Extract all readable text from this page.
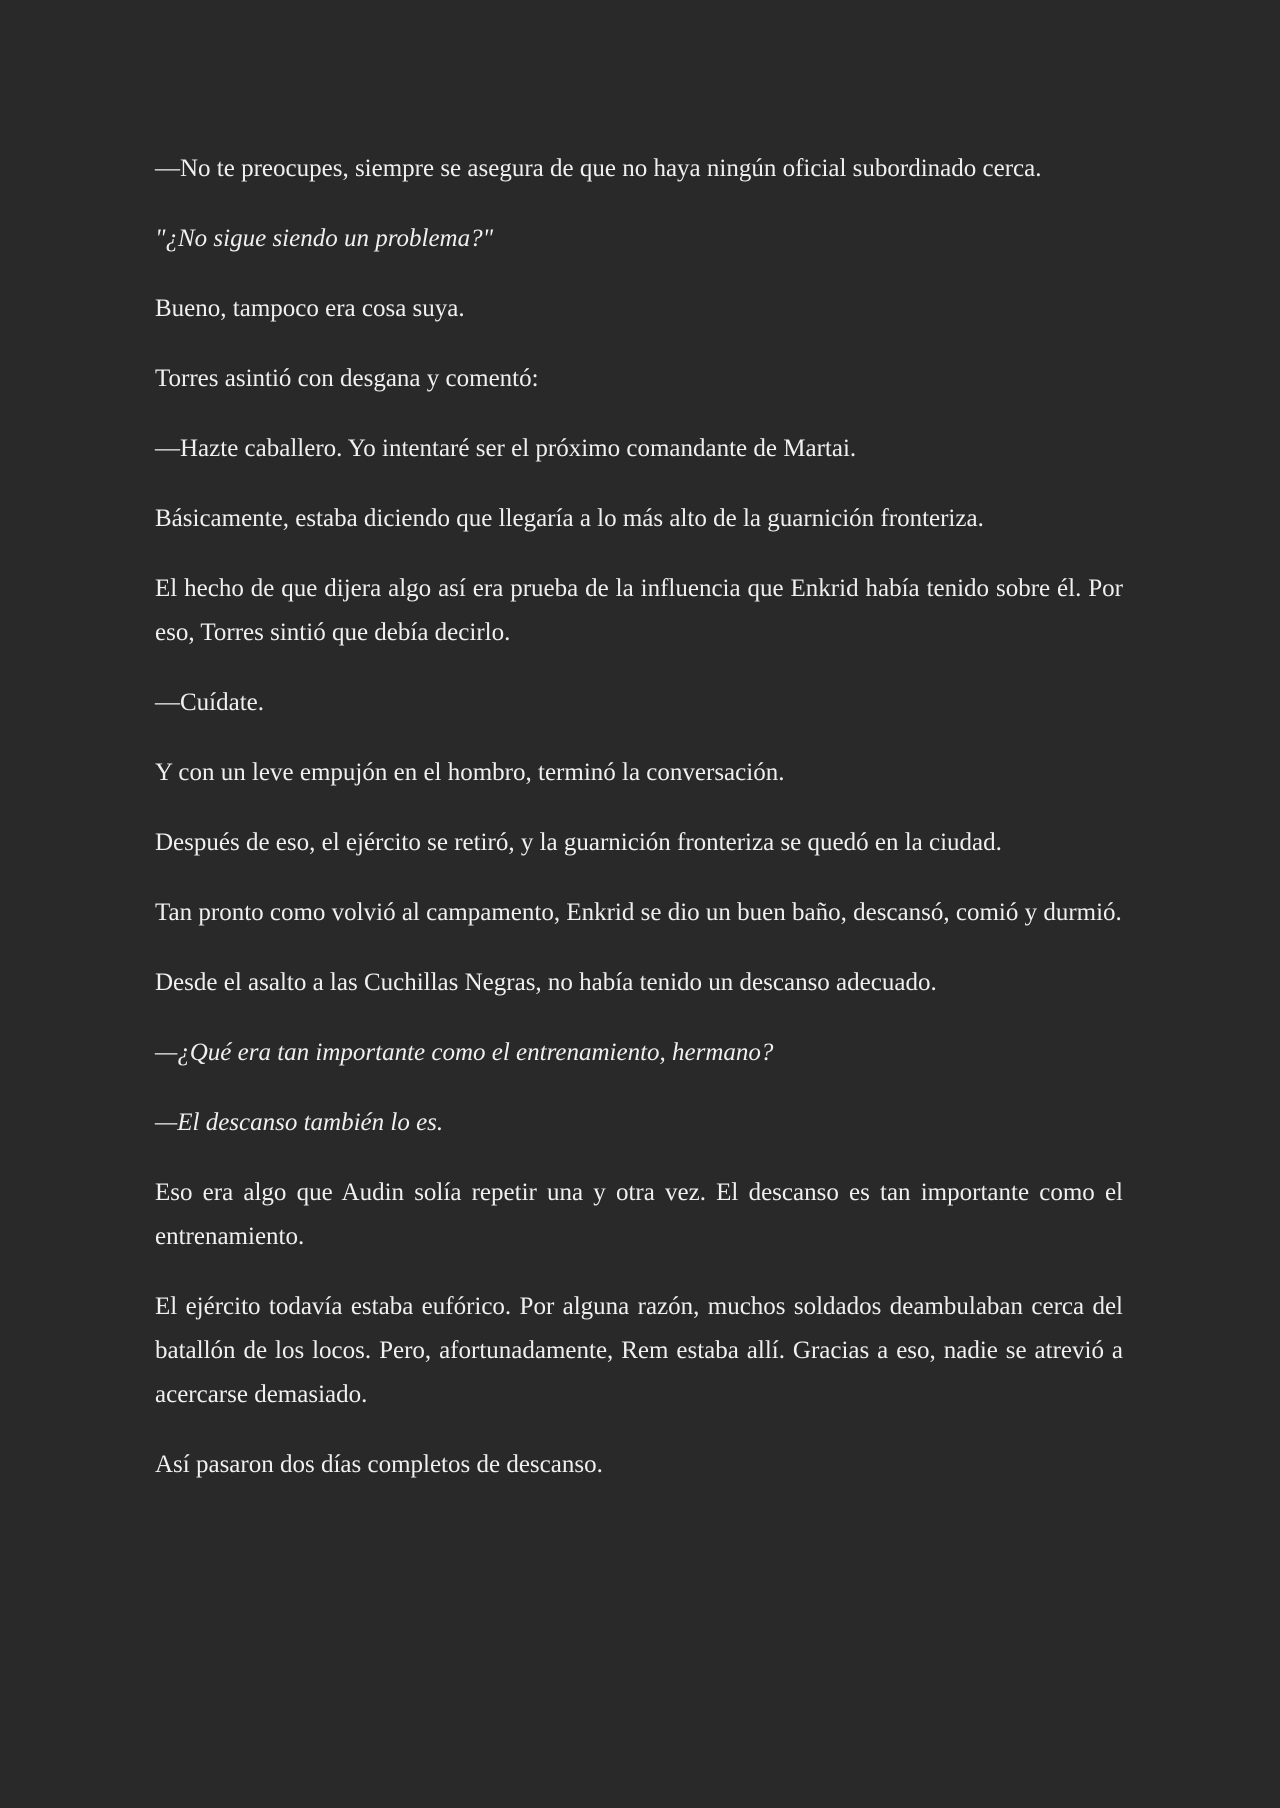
—No te preocupes, siempre se asegura de que no haya ningún oficial subordinado cerca.

"¿No sigue siendo un problema?"

Bueno, tampoco era cosa suya.

Torres asintió con desgana y comentó:

—Hazte caballero. Yo intentaré ser el próximo comandante de Martai.

Básicamente, estaba diciendo que llegaría a lo más alto de la guarnición fronteriza.

El hecho de que dijera algo así era prueba de la influencia que Enkrid había tenido sobre él. Por eso, Torres sintió que debía decirlo.

—Cuídate.

Y con un leve empujón en el hombro, terminó la conversación.

Después de eso, el ejército se retiró, y la guarnición fronteriza se quedó en la ciudad.

Tan pronto como volvió al campamento, Enkrid se dio un buen baño, descansó, comió y durmió.

Desde el asalto a las Cuchillas Negras, no había tenido un descanso adecuado.

—¿Qué era tan importante como el entrenamiento, hermano?

—El descanso también lo es.

Eso era algo que Audin solía repetir una y otra vez. El descanso es tan importante como el entrenamiento.

El ejército todavía estaba eufórico. Por alguna razón, muchos soldados deambulaban cerca del batallón de los locos. Pero, afortunadamente, Rem estaba allí. Gracias a eso, nadie se atrevió a acercarse demasiado.

Así pasaron dos días completos de descanso.
